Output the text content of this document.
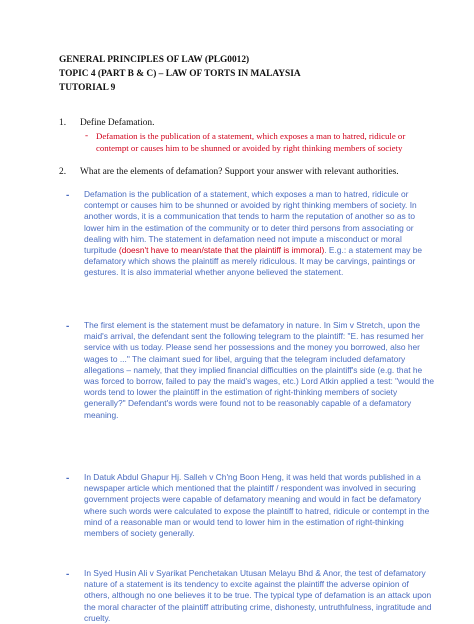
GENERAL PRINCIPLES OF LAW (PLG0012)
TOPIC 4 (PART B & C) – LAW OF TORTS IN MALAYSIA
TUTORIAL 9
1. Define Defamation.
- Defamation is the publication of a statement, which exposes a man to hatred, ridicule or contempt or causes him to be shunned or avoided by right thinking members of society
2. What are the elements of defamation? Support your answer with relevant authorities.
- Defamation is the publication of a statement, which exposes a man to hatred, ridicule or contempt or causes him to be shunned or avoided by right thinking members of society. In another words, it is a communication that tends to harm the reputation of another so as to lower him in the estimation of the community or to deter third persons from associating or dealing with him. The statement in defamation need not impute a misconduct or moral turpitude (doesn't have to mean/state that the plaintiff is immoral). E.g.: a statement may be defamatory which shows the plaintiff as merely ridiculous. It may be carvings, paintings or gestures. It is also immaterial whether anyone believed the statement.
- The first element is the statement must be defamatory in nature. In Sim v Stretch, upon the maid's arrival, the defendant sent the following telegram to the plaintiff: "E. has resumed her service with us today. Please send her possessions and the money you borrowed, also her wages to ..." The claimant sued for libel, arguing that the telegram included defamatory allegations – namely, that they implied financial difficulties on the plaintiff's side (e.g. that he was forced to borrow, failed to pay the maid's wages, etc.) Lord Atkin applied a test: "would the words tend to lower the plaintiff in the estimation of right-thinking members of society generally?" Defendant's words were found not to be reasonably capable of a defamatory meaning.
- In Datuk Abdul Ghapur Hj. Salleh v Ch'ng Boon Heng, it was held that words published in a newspaper article which mentioned that the plaintiff / respondent was involved in securing government projects were capable of defamatory meaning and would in fact be defamatory where such words were calculated to expose the plaintiff to hatred, ridicule or contempt in the mind of a reasonable man or would tend to lower him in the estimation of right-thinking members of society generally.
- In Syed Husin Ali v Syarikat Penchetakan Utusan Melayu Bhd & Anor, the test of defamatory nature of a statement is its tendency to excite against the plaintiff the adverse opinion of others, although no one believes it to be true. The typical type of defamation is an attack upon the moral character of the plaintiff attributing crime, dishonesty, untruthfulness, ingratitude and cruelty.
